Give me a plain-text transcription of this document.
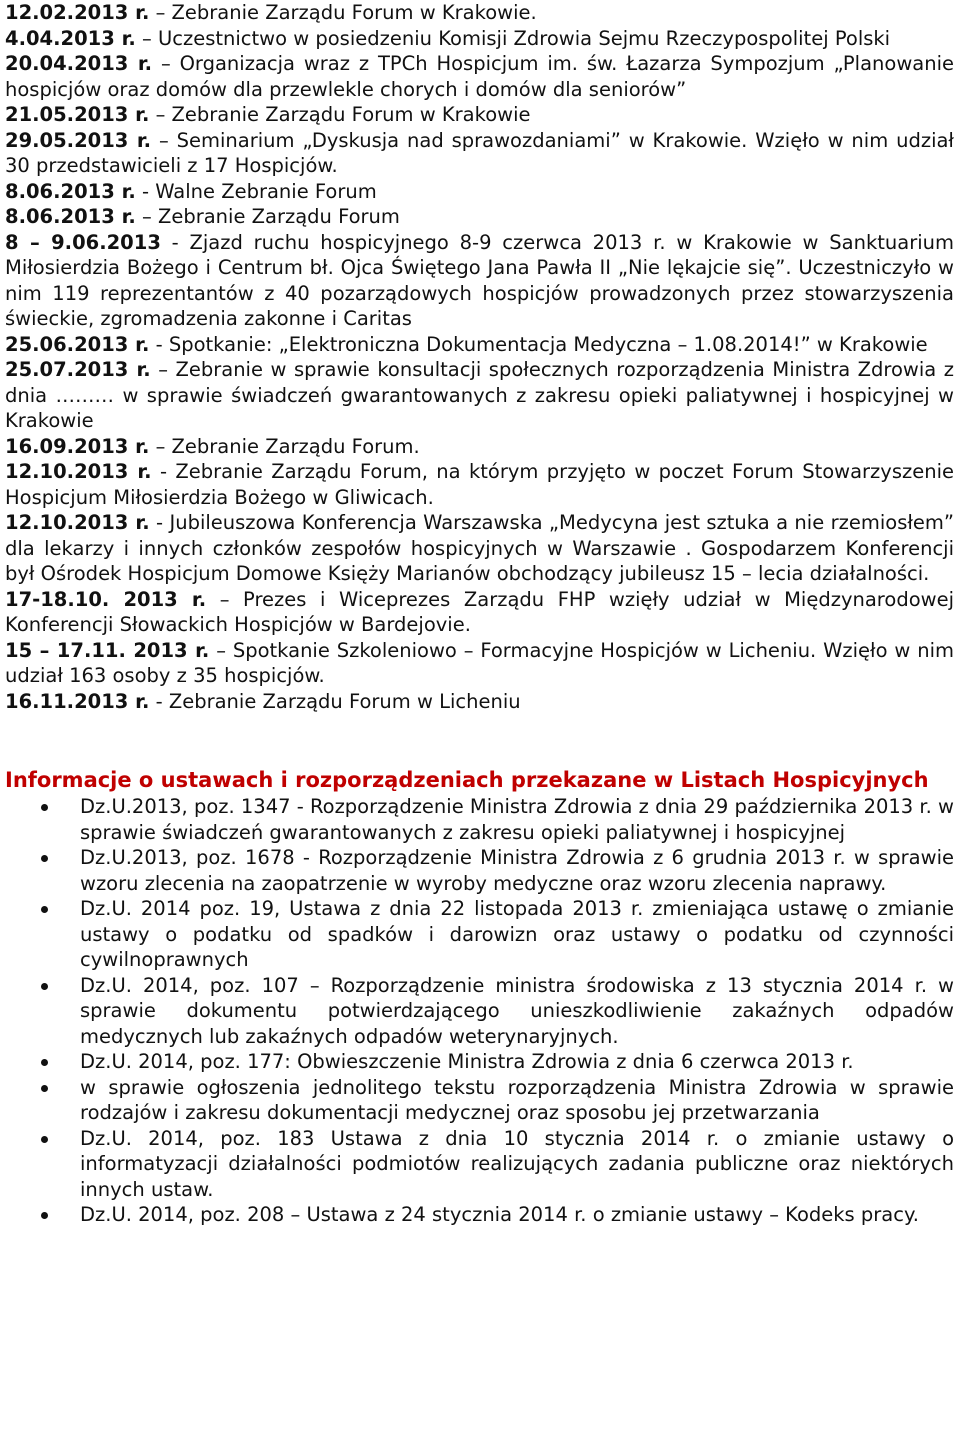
12.02.2013 r. – Zebranie Zarządu Forum w Krakowie.

4.04.2013 r. – Uczestnictwo w posiedzeniu Komisji Zdrowia Sejmu Rzeczypospolitej Polski

20.04.2013 r. – Organizacja wraz z TPCh Hospicjum im. św. Łazarza Sympozjum „Planowanie hospicjów oraz domów dla przewlekle chorych i domów dla seniorów”

21.05.2013 r. – Zebranie Zarządu Forum w Krakowie

29.05.2013 r. – Seminarium „Dyskusja nad sprawozdaniami” w Krakowie. Wzięło w nim udział 30 przedstawicieli z 17 Hospicjów.

8.06.2013 r. - Walne Zebranie Forum

8.06.2013 r. – Zebranie Zarządu Forum

8 – 9.06.2013 - Zjazd ruchu hospicyjnego 8-9 czerwca 2013 r. w Krakowie w Sanktuarium Miłosierdzia Bożego i Centrum bł. Ojca Świętego Jana Pawła II „Nie lękajcie się”. Uczestniczyło w nim 119 reprezentantów z 40 pozarządowych hospicjów prowadzonych przez stowarzyszenia świeckie, zgromadzenia zakonne i Caritas

25.06.2013 r. - Spotkanie: „Elektroniczna Dokumentacja Medyczna – 1.08.2014!” w Krakowie

25.07.2013 r. – Zebranie w sprawie konsultacji społecznych rozporządzenia Ministra Zdrowia z dnia ……… w sprawie świadczeń gwarantowanych z zakresu opieki paliatywnej i hospicyjnej w Krakowie

16.09.2013 r. – Zebranie Zarządu Forum.

12.10.2013 r. - Zebranie Zarządu Forum, na którym przyjęto w poczet Forum Stowarzyszenie Hospicjum Miłosierdzia Bożego w Gliwicach.

12.10.2013 r. - Jubileuszowa Konferencja Warszawska „Medycyna jest sztuka a nie rzemiosłem” dla lekarzy i innych członków zespołów hospicyjnych w Warszawie . Gospodarzem Konferencji był Ośrodek Hospicjum Domowe Księży Marianów obchodzący jubileusz 15 – lecia działalności.

17-18.10. 2013 r. – Prezes i Wiceprezes Zarządu FHP wzięły udział w Międzynarodowej Konferencji Słowackich Hospicjów w Bardejovie.

15 – 17.11. 2013 r. – Spotkanie Szkoleniowo – Formacyjne Hospicjów w Licheniu. Wzięło w nim udział 163 osoby z 35 hospicjów.

16.11.2013 r. - Zebranie Zarządu Forum w Licheniu

Informacje o ustawach i rozporządzeniach przekazane w Listach Hospicyjnych
Dz.U.2013, poz. 1347 - Rozporządzenie Ministra Zdrowia z dnia 29 października 2013 r. w sprawie świadczeń gwarantowanych z zakresu opieki paliatywnej i hospicyjnej
Dz.U.2013, poz. 1678 - Rozporządzenie Ministra Zdrowia z 6 grudnia 2013 r. w sprawie wzoru zlecenia na zaopatrzenie w wyroby medyczne oraz wzoru zlecenia naprawy.
Dz.U. 2014 poz. 19, Ustawa z dnia 22 listopada 2013 r. zmieniająca ustawę o zmianie ustawy o podatku od spadków i darowizn oraz ustawy o podatku od czynności cywilnoprawnych
Dz.U. 2014, poz. 107 – Rozporządzenie ministra środowiska z 13 stycznia 2014 r. w sprawie dokumentu potwierdzającego unieszkodliwienie zakaźnych odpadów medycznych lub zakaźnych odpadów weterynaryjnych.
Dz.U. 2014, poz. 177: Obwieszczenie Ministra Zdrowia z dnia 6 czerwca 2013 r.
w sprawie ogłoszenia jednolitego tekstu rozporządzenia Ministra Zdrowia w sprawie rodzajów i zakresu dokumentacji medycznej oraz sposobu jej przetwarzania
Dz.U. 2014, poz. 183 Ustawa z dnia 10 stycznia 2014 r. o zmianie ustawy o informatyzacji działalności podmiotów realizujących zadania publiczne oraz niektórych innych ustaw.
Dz.U. 2014, poz. 208 – Ustawa z 24 stycznia 2014 r. o zmianie ustawy – Kodeks pracy.
